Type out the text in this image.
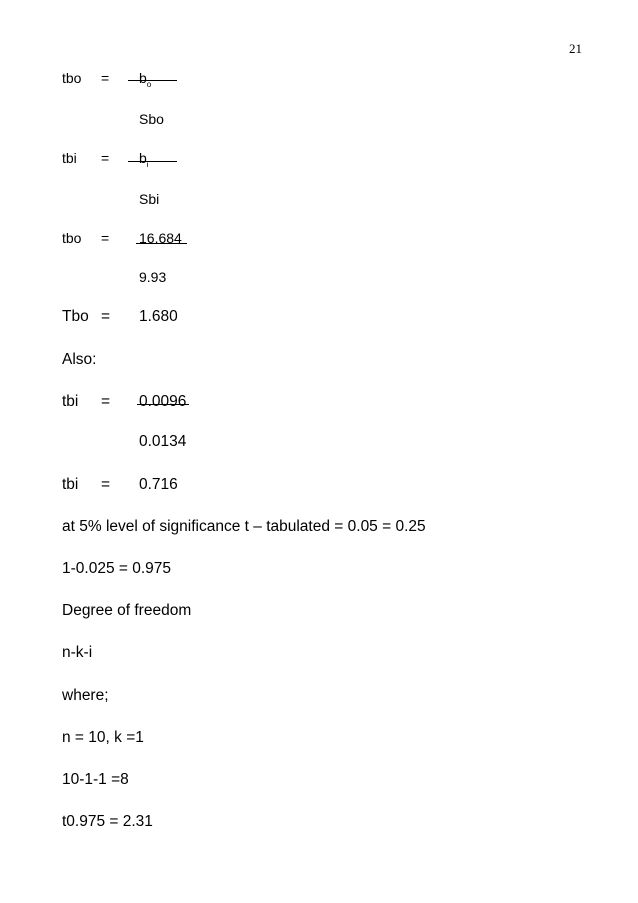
21
tbo = $b_o$
Sbo
tbi = $b_i$
Sbi
tbo = 16.684
9.93
Tbo = 1.680
Also:
tbi = 0.0096
0.0134
tbi = 0.716
at 5% level of significance t – tabulated = 0.05 = 0.25
1-0.025 = 0.975
Degree of freedom
n-k-i
where;
n = 10, k =1
10-1-1 =8
t0.975 = 2.31
